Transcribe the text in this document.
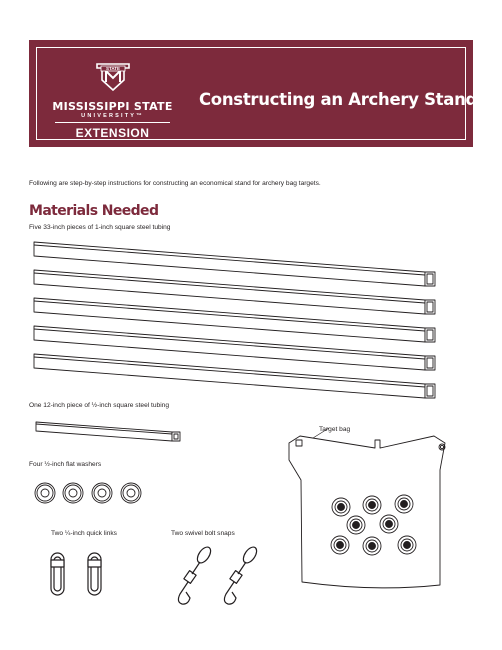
STATE
MISSISSIPPI STATE
UNIVERSITY™
EXTENSION
Constructing an Archery Stand
Following are step-by-step instructions for constructing an economical stand for archery bag targets.
Materials Needed
Five 33-inch pieces of 1-inch square steel tubing
One 12-inch piece of ½-inch square steel tubing
Four ½-inch flat washers
Two ¼-inch quick links	Two swivel bolt snaps
Target bag
